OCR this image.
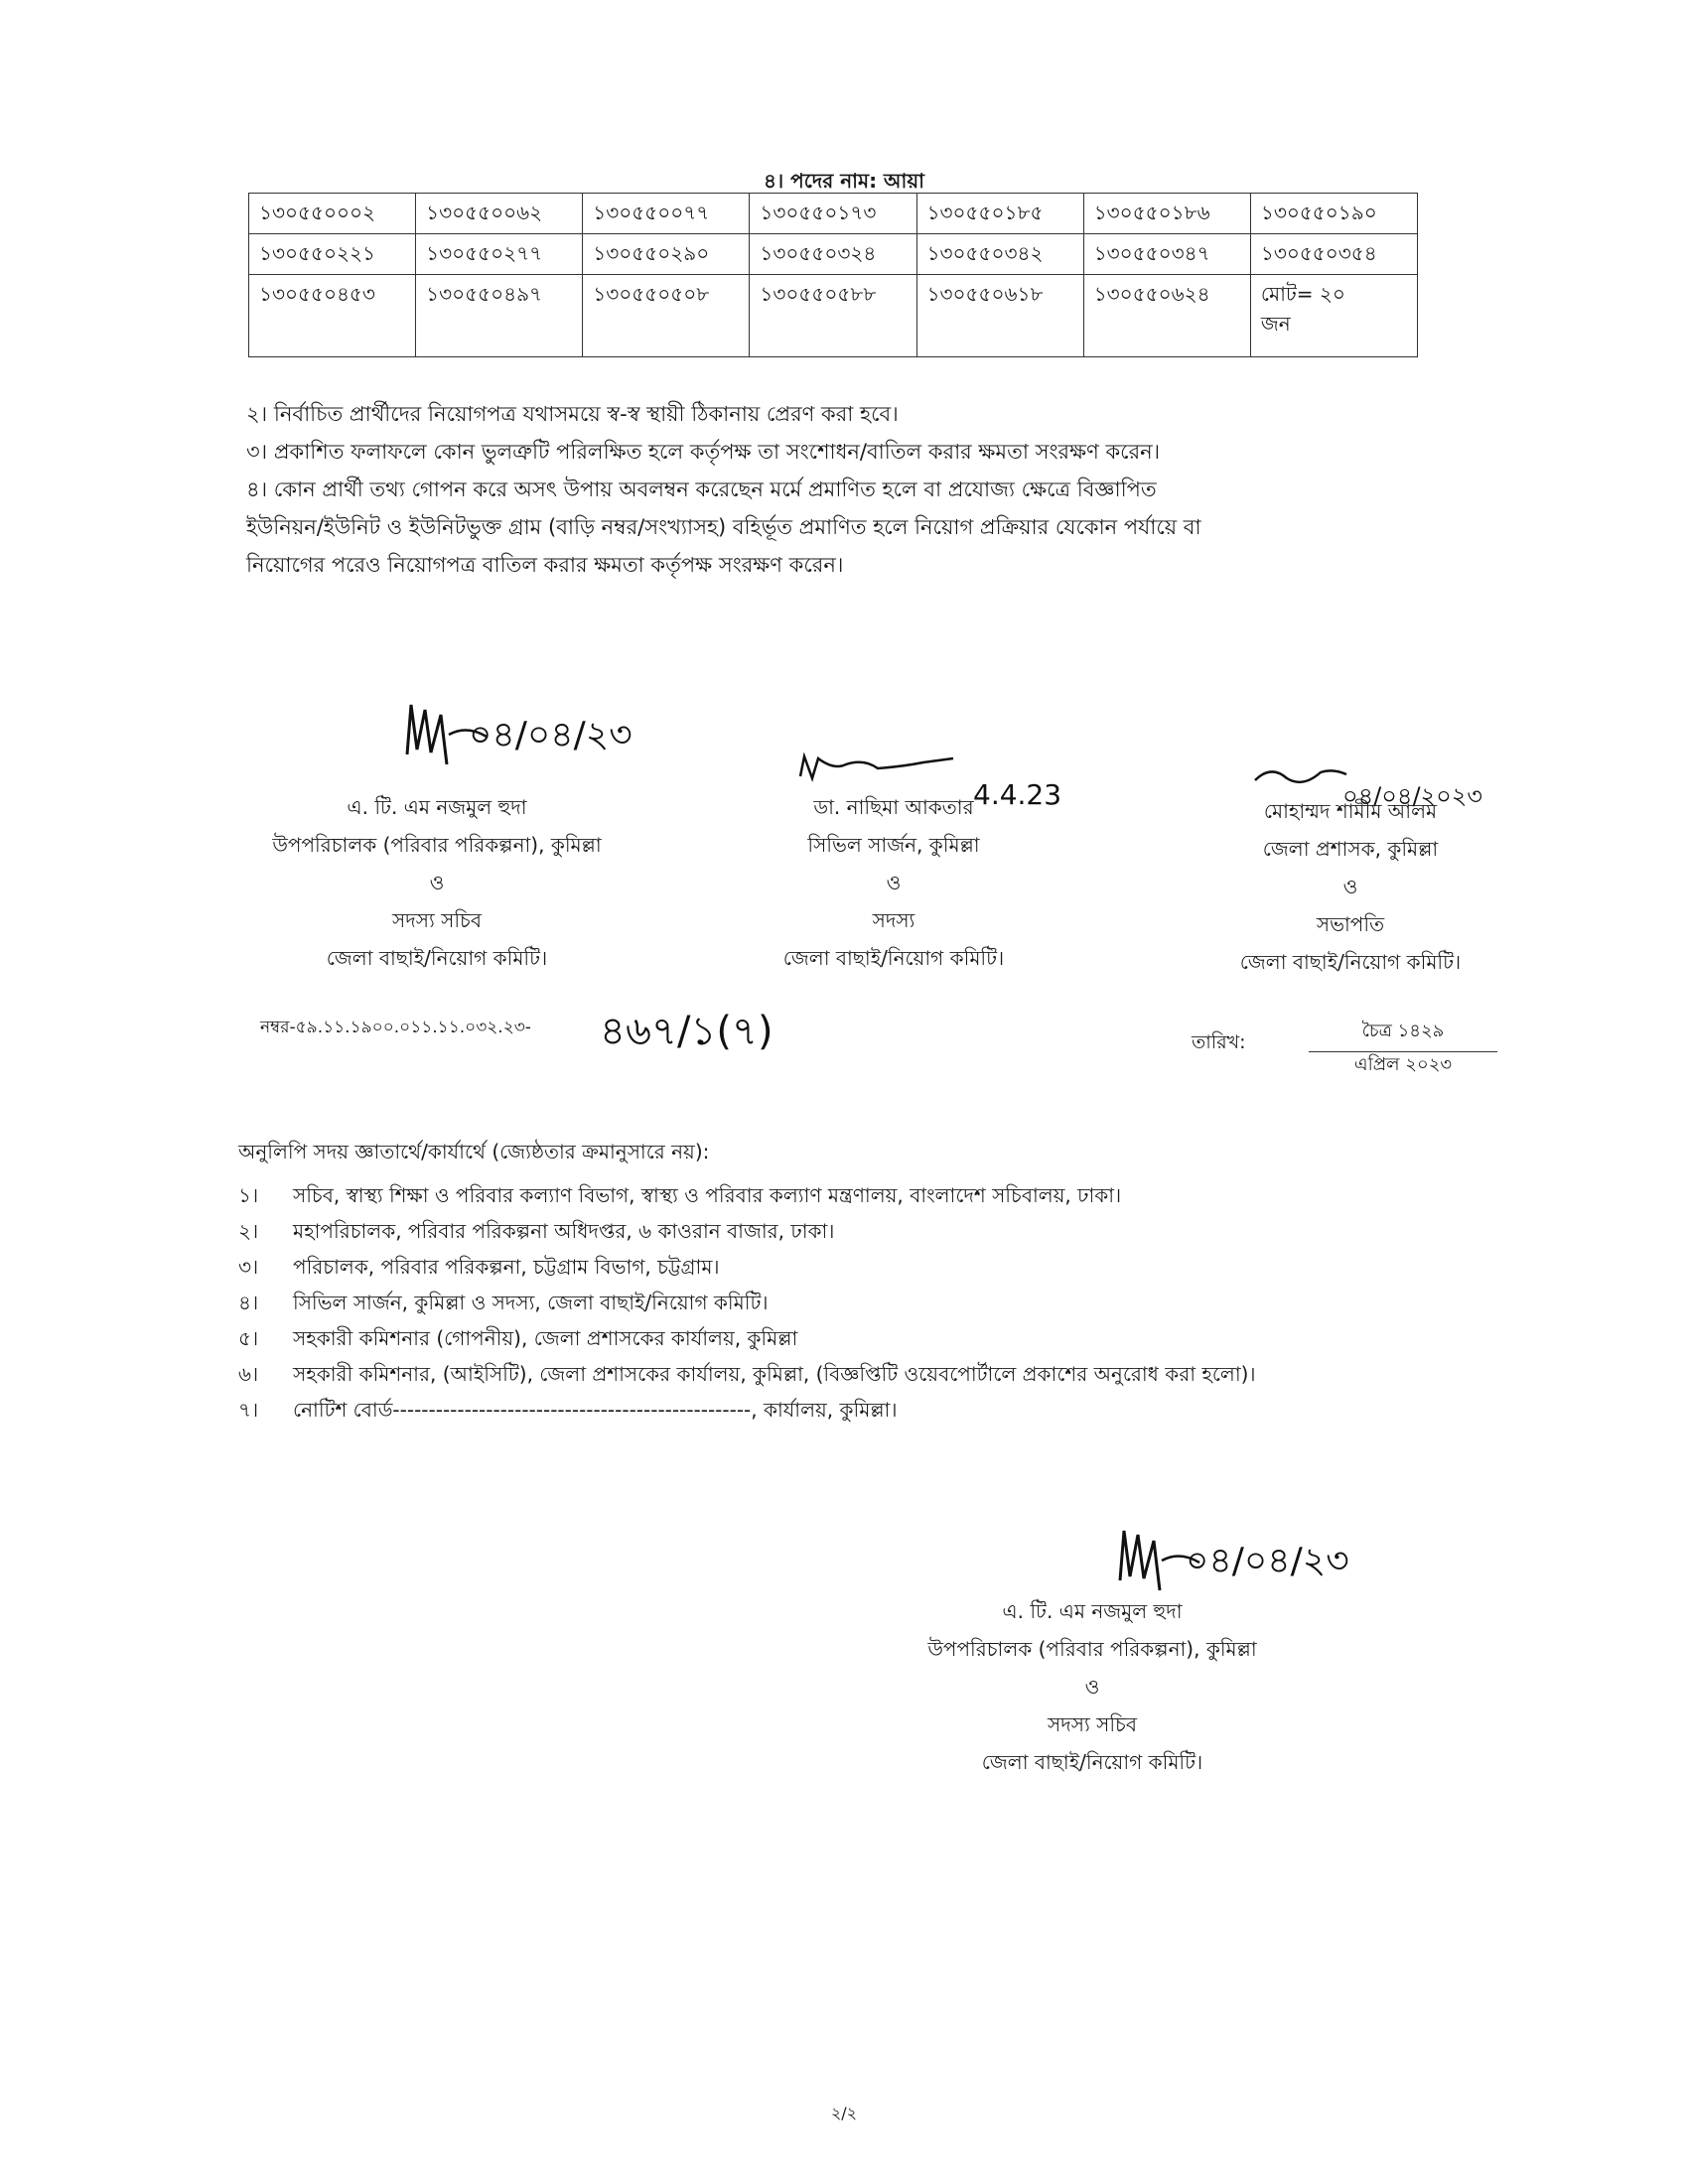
৪। পদের নাম: আয়া
১৩০৫৫০০০২	১৩০৫৫০০৬২	১৩০৫৫০০৭৭	১৩০৫৫০১৭৩	১৩০৫৫০১৮৫	১৩০৫৫০১৮৬	১৩০৫৫০১৯০
১৩০৫৫০২২১	১৩০৫৫০২৭৭	১৩০৫৫০২৯০	১৩০৫৫০৩২৪	১৩০৫৫০৩৪২	১৩০৫৫০৩৪৭	১৩০৫৫০৩৫৪
১৩০৫৫০৪৫৩	১৩০৫৫০৪৯৭	১৩০৫৫০৫০৮	১৩০৫৫০৫৮৮	১৩০৫৫০৬১৮	১৩০৫৫০৬২৪	মোট= ২০
জন

২। নির্বাচিত প্রার্থীদের নিয়োগপত্র যথাসময়ে স্ব-স্ব স্থায়ী ঠিকানায় প্রেরণ করা হবে।

৩। প্রকাশিত ফলাফলে কোন ভুলত্রুটি পরিলক্ষিত হলে কর্তৃপক্ষ তা সংশোধন/বাতিল করার ক্ষমতা সংরক্ষণ করেন।

৪। কোন প্রার্থী তথ্য গোপন করে অসৎ উপায় অবলম্বন করেছেন মর্মে প্রমাণিত হলে বা প্রযোজ্য ক্ষেত্রে বিজ্ঞাপিত

ইউনিয়ন/ইউনিট ও ইউনিটভুক্ত গ্রাম (বাড়ি নম্বর/সংখ্যাসহ) বহির্ভূত প্রমাণিত হলে নিয়োগ প্রক্রিয়ার যেকোন পর্যায়ে বা

নিয়োগের পরেও নিয়োগপত্র বাতিল করার ক্ষমতা কর্তৃপক্ষ সংরক্ষণ করেন।

০৪/০৪/২৩
এ. টি. এম নজমুল হুদা
উপপরিচালক (পরিবার পরিকল্পনা), কুমিল্লা
ও
সদস্য সচিব
জেলা বাছাই/নিয়োগ কমিটি।
4.4.23
ডা. নাছিমা আকতার
সিভিল সার্জন, কুমিল্লা
ও
সদস্য
জেলা বাছাই/নিয়োগ কমিটি।
০৪/০৪/২০২৩
মোহাম্মদ শামীম আলম
জেলা প্রশাসক, কুমিল্লা
ও
সভাপতি
জেলা বাছাই/নিয়োগ কমিটি।
নম্বর-৫৯.১১.১৯০০.০১১.১১.০৩২.২৩- ৪৬৭/১(৭)	তারিখ:
চৈত্র ১৪২৯
এপ্রিল ২০২৩
অনুলিপি সদয় জ্ঞাতার্থে/কার্যার্থে (জ্যেষ্ঠতার ক্রমানুসারে নয়):
১।	সচিব, স্বাস্থ্য শিক্ষা ও পরিবার কল্যাণ বিভাগ, স্বাস্থ্য ও পরিবার কল্যাণ মন্ত্রণালয়, বাংলাদেশ সচিবালয়, ঢাকা।
২।	মহাপরিচালক, পরিবার পরিকল্পনা অধিদপ্তর, ৬ কাওরান বাজার, ঢাকা।
৩।	পরিচালক, পরিবার পরিকল্পনা, চট্টগ্রাম বিভাগ, চট্টগ্রাম।
৪।	সিভিল সার্জন, কুমিল্লা ও সদস্য, জেলা বাছাই/নিয়োগ কমিটি।
৫।	সহকারী কমিশনার (গোপনীয়), জেলা প্রশাসকের কার্যালয়, কুমিল্লা
৬।	সহকারী কমিশনার, (আইসিটি), জেলা প্রশাসকের কার্যালয়, কুমিল্লা, (বিজ্ঞপ্তিটি ওয়েবপোর্টালে প্রকাশের অনুরোধ করা হলো)।
৭।	নোটিশ বোর্ড--------------------------------------------------, কার্যালয়, কুমিল্লা।
০৪/০৪/২৩
এ. টি. এম নজমুল হুদা
উপপরিচালক (পরিবার পরিকল্পনা), কুমিল্লা
ও
সদস্য সচিব
জেলা বাছাই/নিয়োগ কমিটি।
২/২
